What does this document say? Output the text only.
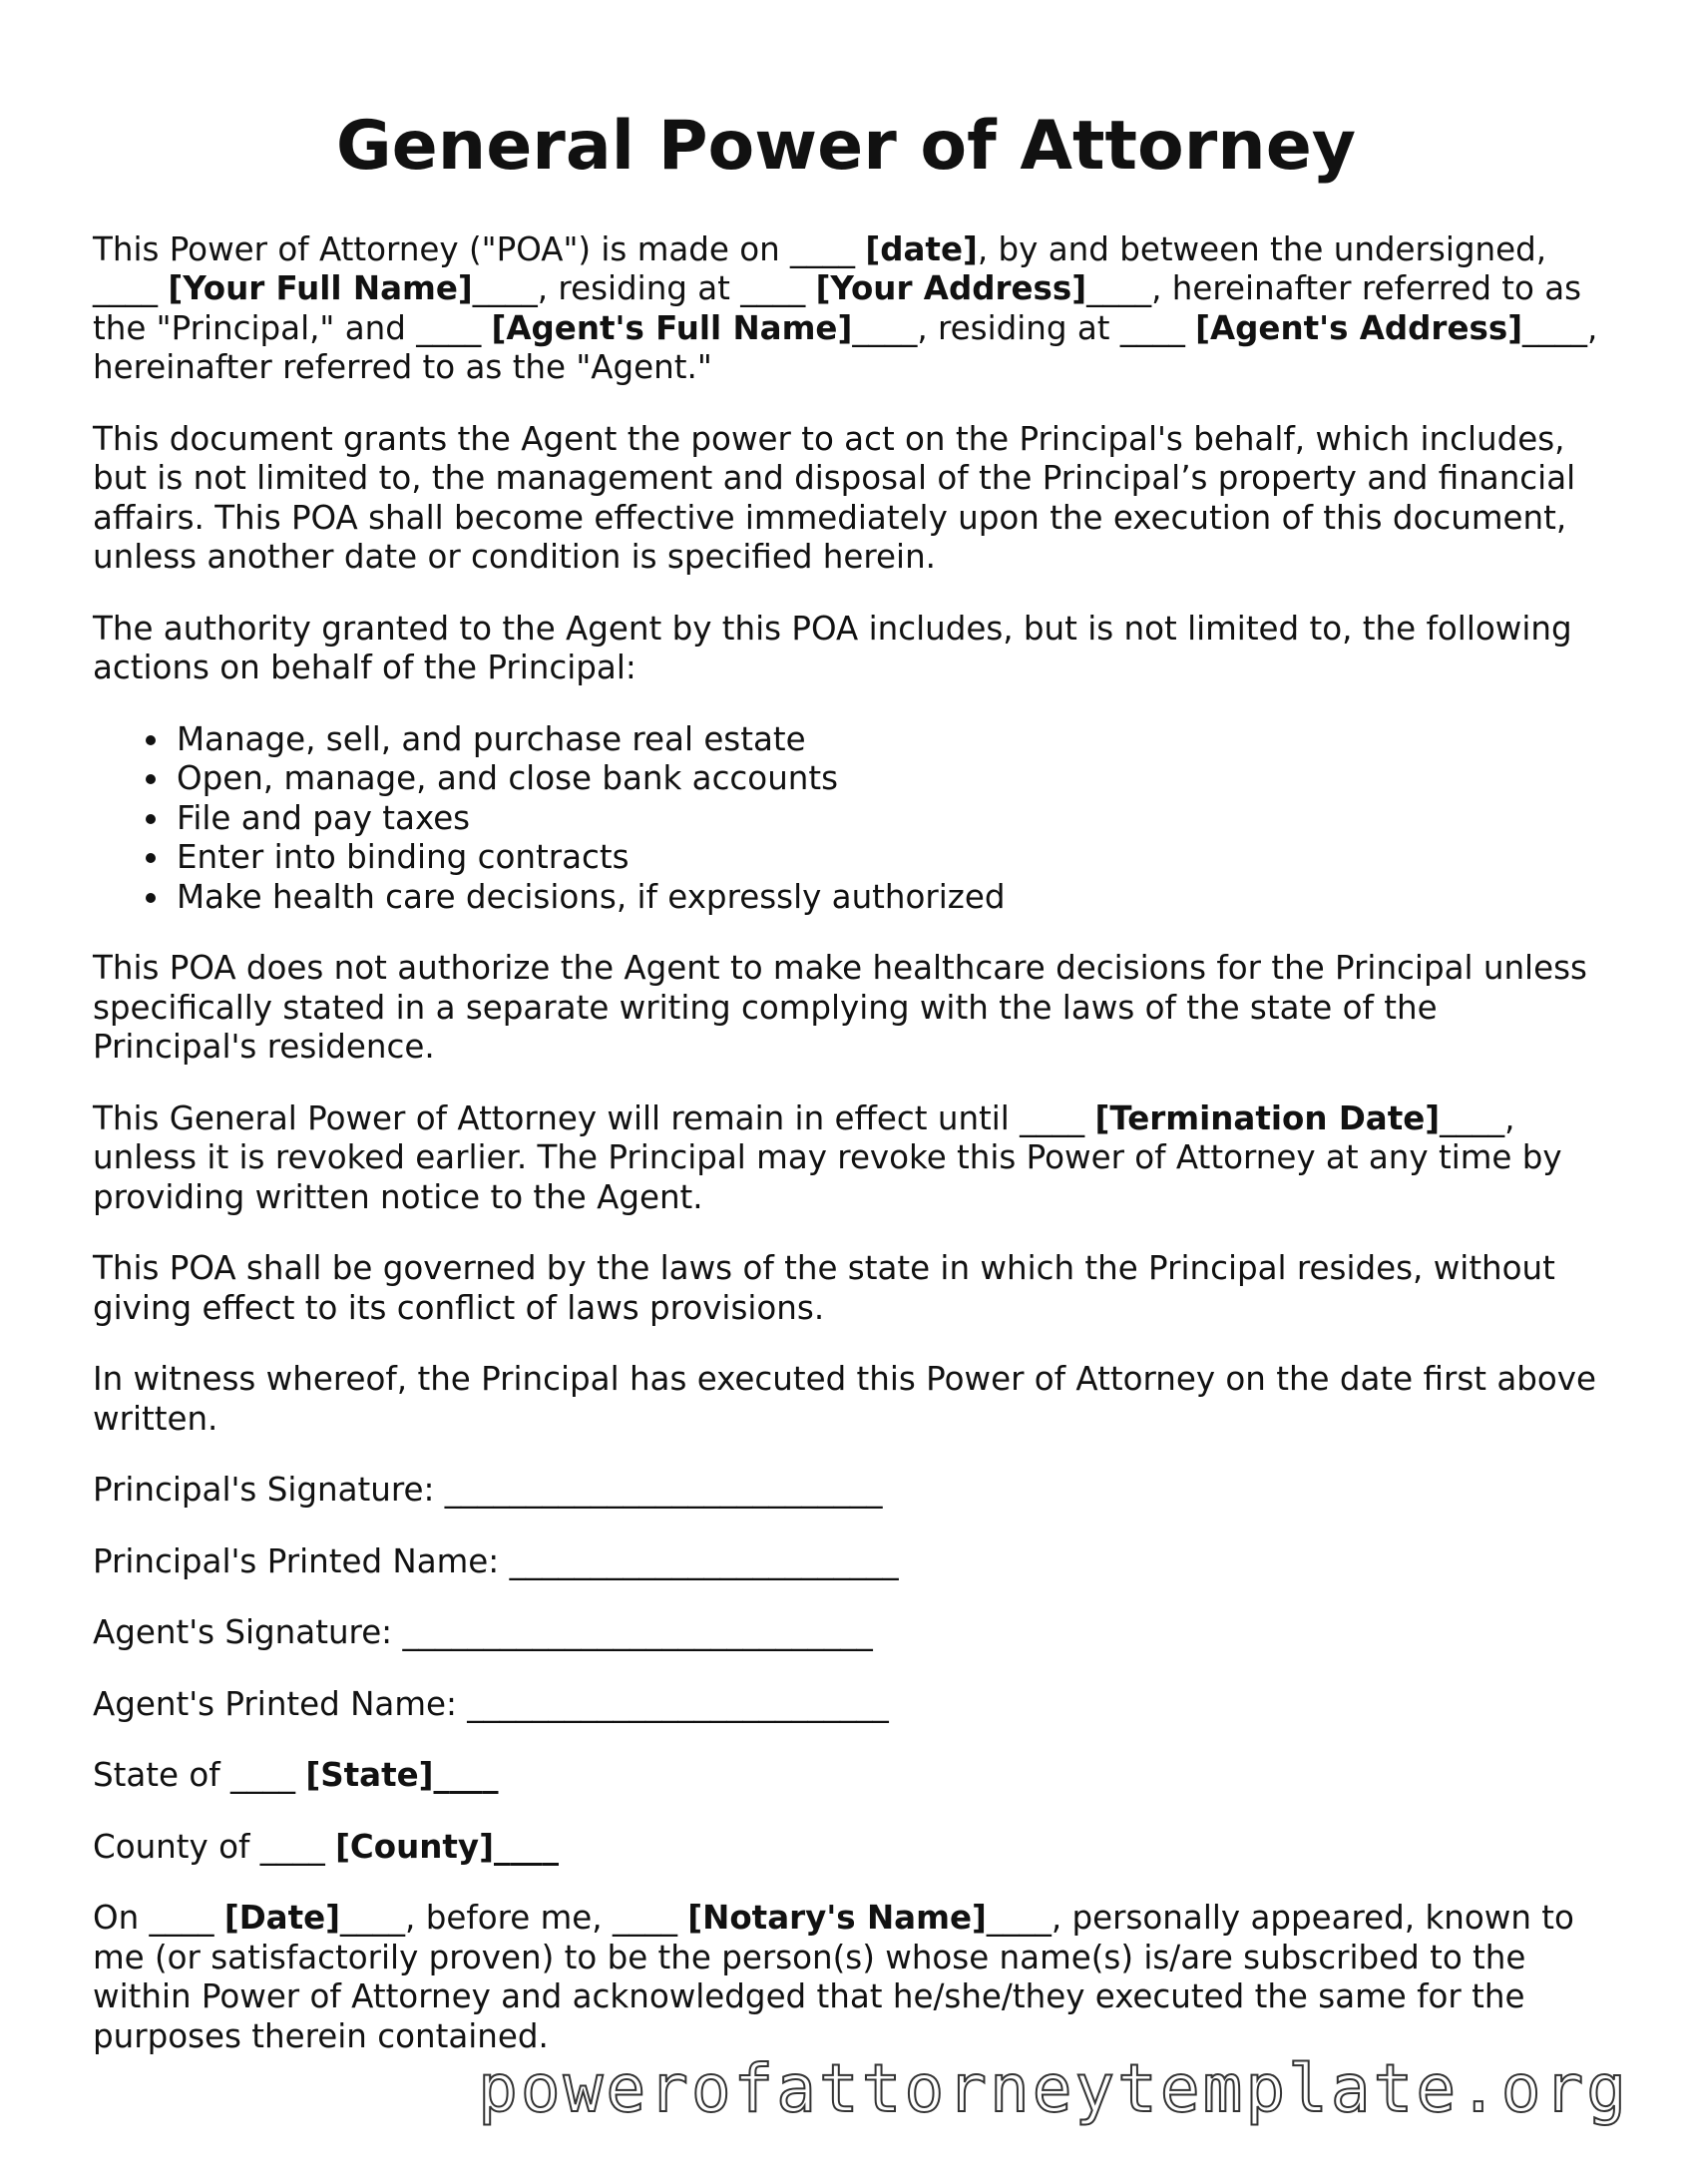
General Power of Attorney

This Power of Attorney ("POA") is made on ____ [date], by and between the undersigned, ____ [Your Full Name]____, residing at ____ [Your Address]____, hereinafter referred to as the "Principal," and ____ [Agent's Full Name]____, residing at ____ [Agent's Address]____, hereinafter referred to as the "Agent."

This document grants the Agent the power to act on the Principal's behalf, which includes, but is not limited to, the management and disposal of the Principal’s property and financial affairs. This POA shall become effective immediately upon the execution of this document, unless another date or condition is specified herein.

The authority granted to the Agent by this POA includes, but is not limited to, the following actions on behalf of the Principal:

• Manage, sell, and purchase real estate
• Open, manage, and close bank accounts
• File and pay taxes
• Enter into binding contracts
• Make health care decisions, if expressly authorized

This POA does not authorize the Agent to make healthcare decisions for the Principal unless specifically stated in a separate writing complying with the laws of the state of the Principal's residence.

This General Power of Attorney will remain in effect until ____ [Termination Date]____, unless it is revoked earlier. The Principal may revoke this Power of Attorney at any time by providing written notice to the Agent.

This POA shall be governed by the laws of the state in which the Principal resides, without giving effect to its conflict of laws provisions.

In witness whereof, the Principal has executed this Power of Attorney on the date first above written.

Principal's Signature: ___________________________

Principal's Printed Name: ________________________

Agent's Signature: _____________________________

Agent's Printed Name: __________________________

State of ____ [State]____

County of ____ [County]____

On ____ [Date]____, before me, ____ [Notary's Name]____, personally appeared, known to me (or satisfactorily proven) to be the person(s) whose name(s) is/are subscribed to the within Power of Attorney and acknowledged that he/she/they executed the same for the purposes therein contained.

powerofattorneytemplate.org
